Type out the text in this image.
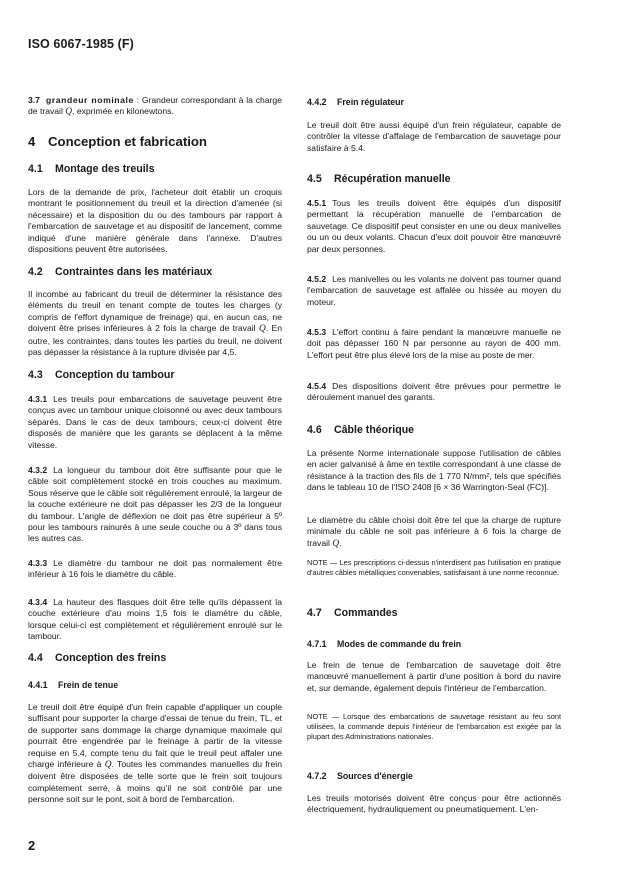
ISO 6067-1985 (F)

3.7 grandeur nominale : Grandeur correspondant à la charge de travail Q, exprimée en kilonewtons.

4 Conception et fabrication
4.1 Montage des treuils

Lors de la demande de prix, l'acheteur doit établir un croquis montrant le positionnement du treuil et la direction d'amenée (si nécessaire) et la disposition du ou des tambours par rapport à l'embarcation de sauvetage et au dispositif de lancement, comme indiqué d'une manière générale dans l'annexe. D'autres dispositions peuvent être autorisées.

4.2 Contraintes dans les matériaux

Il incombe au fabricant du treuil de déterminer la résistance des éléments du treuil en tenant compte de toutes les charges (y compris de l'effort dynamique de freinage) qui, en aucun cas, ne doivent être prises inférieures à 2 fois la charge de travail Q. En outre, les contraintes, dans toutes les parties du treuil, ne doivent pas dépasser la résistance à la rupture divisée par 4,5.

4.3 Conception du tambour

4.3.1 Les treuils pour embarcations de sauvetage peuvent être conçus avec un tambour unique cloisonné ou avec deux tambours séparés. Dans le cas de deux tambours, ceux-ci doivent être disposés de manière que les garants se déplacent à la même vitesse.

4.3.2 La longueur du tambour doit être suffisante pour que le câble soit complètement stocké en trois couches au maximum. Sous réserve que le câble soit régulièrement enroulé, la largeur de la couche extérieure ne doit pas dépasser les 2/3 de la longueur du tambour. L'angle de déflexion ne doit pas être supérieur à 5º pour les tambours rainurés à une seule couche ou à 3º dans tous les autres cas.

4.3.3 Le diamètre du tambour ne doit pas normalement être inférieur à 16 fois le diamètre du câble.

4.3.4 La hauteur des flasques doit être telle qu'ils dépassent la couche extérieure d'au moins 1,5 fois le diamètre du câble, lorsque celui-ci est complètement et régulièrement enroulé sur le tambour.

4.4 Conception des freins
4.4.1 Frein de tenue

Le treuil doit être équipé d'un frein capable d'appliquer un couple suffisant pour supporter la charge d'essai de tenue du frein, TL, et de supporter sans dommage la charge dynamique maximale qui pourrait être engendrée par le freinage à partir de la vitesse requise en 5.4, compte tenu du fait que le treuil peut affaler une charge inférieure à Q. Toutes les commandes manuelles du frein doivent être disposées de telle sorte que le frein soit toujours complètement serré, à moins qu'il ne soit contrôlé par une personne soit sur le pont, soit à bord de l'embarcation.

4.4.2 Frein régulateur

Le treuil doit être aussi équipé d'un frein régulateur, capable de contrôler la vitesse d'affalage de l'embarcation de sauvetage pour satisfaire à 5.4.

4.5 Récupération manuelle

4.5.1 Tous les treuils doivent être équipés d'un dispositif permettant la récupération manuelle de l'embarcation de sauvetage. Ce dispositif peut consister en une ou deux manivelles ou un ou deux volants. Chacun d'eux doit pouvoir être manœuvré par deux personnes.

4.5.2 Les manivelles ou les volants ne doivent pas tourner quand l'embarcation de sauvetage est affalée ou hissée au moyen du moteur.

4.5.3 L'effort continu à faire pendant la manœuvre manuelle ne doit pas dépasser 160 N par personne au rayon de 400 mm. L'effort peut être plus élevé lors de la mise au poste de mer.

4.5.4 Des dispositions doivent être prévues pour permettre le déroulement manuel des garants.

4.6 Câble théorique

La présente Norme internationale suppose l'utilisation de câbles en acier galvanisé à âme en textile correspondant à une classe de résistance à la traction des fils de 1 770 N/mm², tels que spécifiés dans le tableau 10 de l'ISO 2408 [6 × 36 Warrington-Seal (FC)].

Le diamètre du câble choisi doit être tel que la charge de rupture minimale du câble ne soit pas inférieure à 6 fois la charge de travail Q.

NOTE — Les prescriptions ci-dessus n'interdisent pas l'utilisation en pratique d'autres câbles métalliques convenables, satisfaisant à une norme reconnue.

4.7 Commandes
4.7.1 Modes de commande du frein

Le frein de tenue de l'embarcation de sauvetage doit être manœuvré manuellement à partir d'une position à bord du navire et, sur demande, également depuis l'intérieur de l'embarcation.

NOTE — Lorsque des embarcations de sauvetage résistant au feu sont utilisées, la commande depuis l'intérieur de l'embarcation est exigée par la plupart des Administrations nationales.

4.7.2 Sources d'énergie

Les treuils motorisés doivent être conçus pour être actionnés électriquement, hydrauliquement ou pneumatiquement. L'en-

2
